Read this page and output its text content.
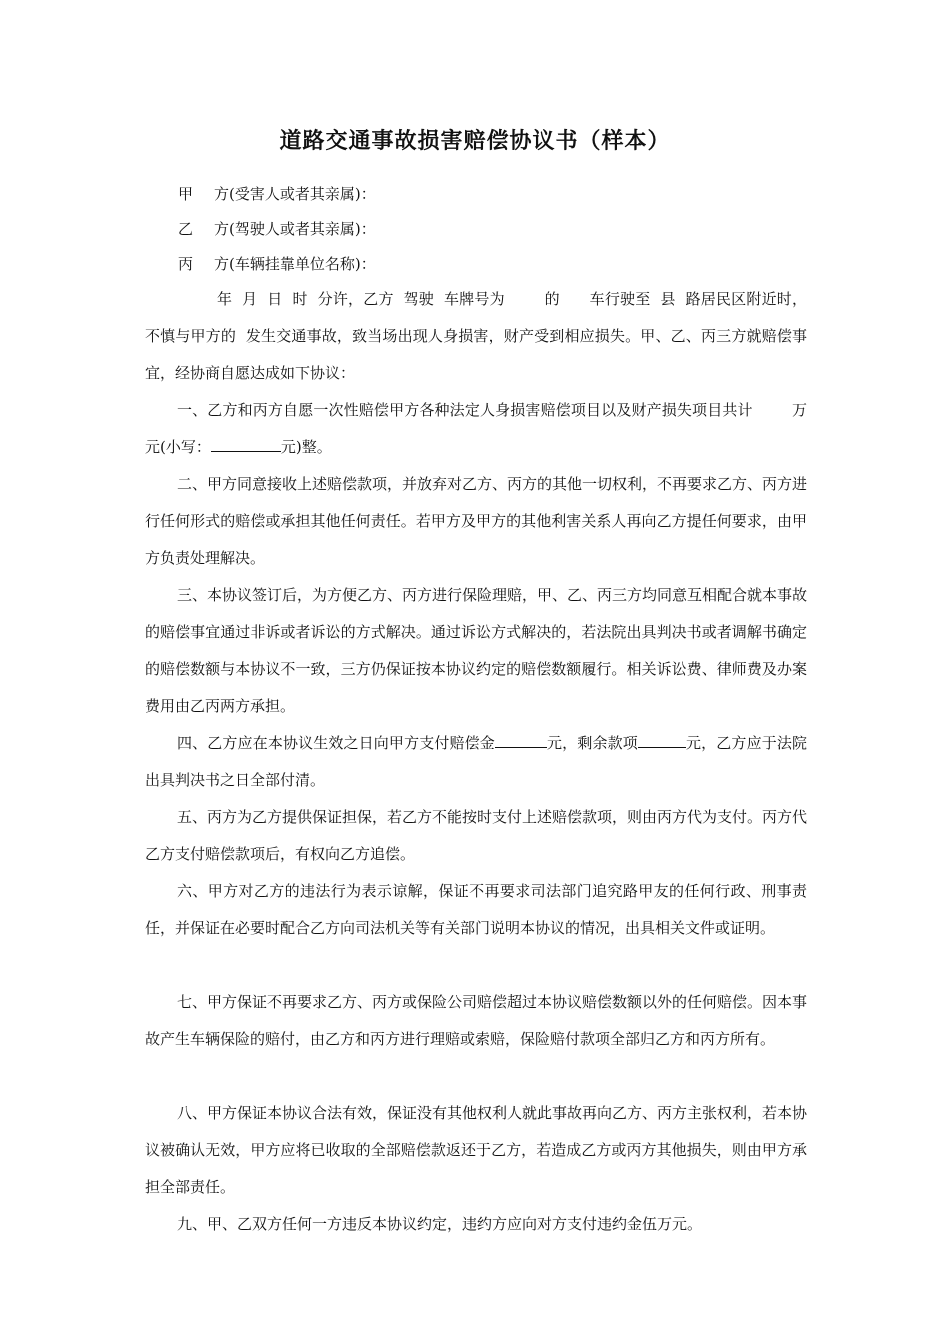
道路交通事故损害赔偿协议书（样本）
甲 方(受害人或者其亲属)：
乙 方(驾驶人或者其亲属)：
丙 方(车辆挂靠单位名称)：

年  月  日  时  分许，乙方  驾驶  车牌号为        的      车行驶至  县  路居民区附近时，不慎与甲方的  发生交通事故，致当场出现人身损害，财产受到相应损失。甲、乙、丙三方就赔偿事宜，经协商自愿达成如下协议：

一、乙方和丙方自愿一次性赔偿甲方各种法定人身损害赔偿项目以及财产损失项目共计        万元(小写：	元)整。

二、甲方同意接收上述赔偿款项，并放弃对乙方、丙方的其他一切权利，不再要求乙方、丙方进行任何形式的赔偿或承担其他任何责任。若甲方及甲方的其他利害关系人再向乙方提任何要求，由甲方负责处理解决。

三、本协议签订后，为方便乙方、丙方进行保险理赔，甲、乙、丙三方均同意互相配合就本事故的赔偿事宜通过非诉或者诉讼的方式解决。通过诉讼方式解决的，若法院出具判决书或者调解书确定的赔偿数额与本协议不一致，三方仍保证按本协议约定的赔偿数额履行。相关诉讼费、律师费及办案费用由乙丙两方承担。

四、乙方应在本协议生效之日向甲方支付赔偿金	元，剩余款项	元，乙方应于法院出具判决书之日全部付清。

五、丙方为乙方提供保证担保，若乙方不能按时支付上述赔偿款项，则由丙方代为支付。丙方代乙方支付赔偿款项后，有权向乙方追偿。

六、甲方对乙方的违法行为表示谅解，保证不再要求司法部门追究路甲友的任何行政、刑事责任，并保证在必要时配合乙方向司法机关等有关部门说明本协议的情况，出具相关文件或证明。

七、甲方保证不再要求乙方、丙方或保险公司赔偿超过本协议赔偿数额以外的任何赔偿。因本事故产生车辆保险的赔付，由乙方和丙方进行理赔或索赔，保险赔付款项全部归乙方和丙方所有。

八、甲方保证本协议合法有效，保证没有其他权利人就此事故再向乙方、丙方主张权利，若本协议被确认无效，甲方应将已收取的全部赔偿款返还于乙方，若造成乙方或丙方其他损失，则由甲方承担全部责任。

九、甲、乙双方任何一方违反本协议约定，违约方应向对方支付违约金伍万元。
